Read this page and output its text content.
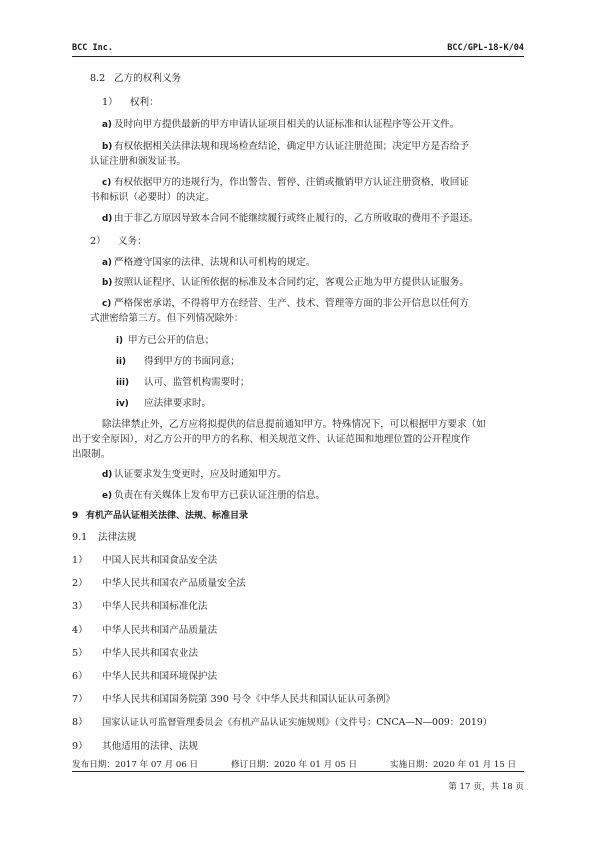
BCC Inc.	BCC/GPL-18-K/04
8.2 乙方的权利义务
1）    权利：
a) 及时向甲方提供最新的甲方申请认证项目相关的认证标准和认证程序等公开文件。
b) 有权依据相关法律法规和现场检查结论，确定甲方认证注册范围；决定甲方是否给予
认证注册和颁发证书。
c) 有权依据甲方的违规行为，作出警告、暂停、注销或撤销甲方认证注册资格，收回证
书和标识（必要时）的决定。
d) 由于非乙方原因导致本合同不能继续履行或终止履行的，乙方所收取的费用不予退还。
2）    义务：
a) 严格遵守国家的法律、法规和认可机构的规定。
b) 按照认证程序、认证所依据的标准及本合同约定，客观公正地为甲方提供认证服务。
c) 严格保密承诺，不得将甲方在经营、生产、技术、管理等方面的非公开信息以任何方
式泄密给第三方。但下列情况除外：
i) 甲方已公开的信息；
ii) 得到甲方的书面同意；
iii) 认可、监管机构需要时；
iv) 应法律要求时。
除法律禁止外，乙方应将拟提供的信息提前通知甲方。特殊情况下，可以根据甲方要求（如
出于安全原因），对乙方公开的甲方的名称、相关规范文件、认证范围和地理位置的公开程度作
出限制。
d) 认证要求发生变更时，应及时通知甲方。
e) 负责在有关媒体上发布甲方已获认证注册的信息。
9 有机产品认证相关法律、法规、标准目录
9.1 法律法规
1） 中国人民共和国食品安全法
2） 中华人民共和国农产品质量安全法
3） 中华人民共和国标准化法
4） 中华人民共和国产品质量法
5） 中华人民共和国农业法
6） 中华人民共和国环境保护法
7） 中华人民共和国国务院第 390 号令《中华人民共和国认证认可条例》
8） 国家认证认可监督管理委员会《有机产品认证实施规则》（文件号：CNCA—N—009：2019）
9） 其他适用的法律、法规
发布日期：2017 年 07 月 06 日	修订日期：2020 年 01 月 05 日	实施日期：2020 年 01 月 15 日
第 17 页，共 18 页
